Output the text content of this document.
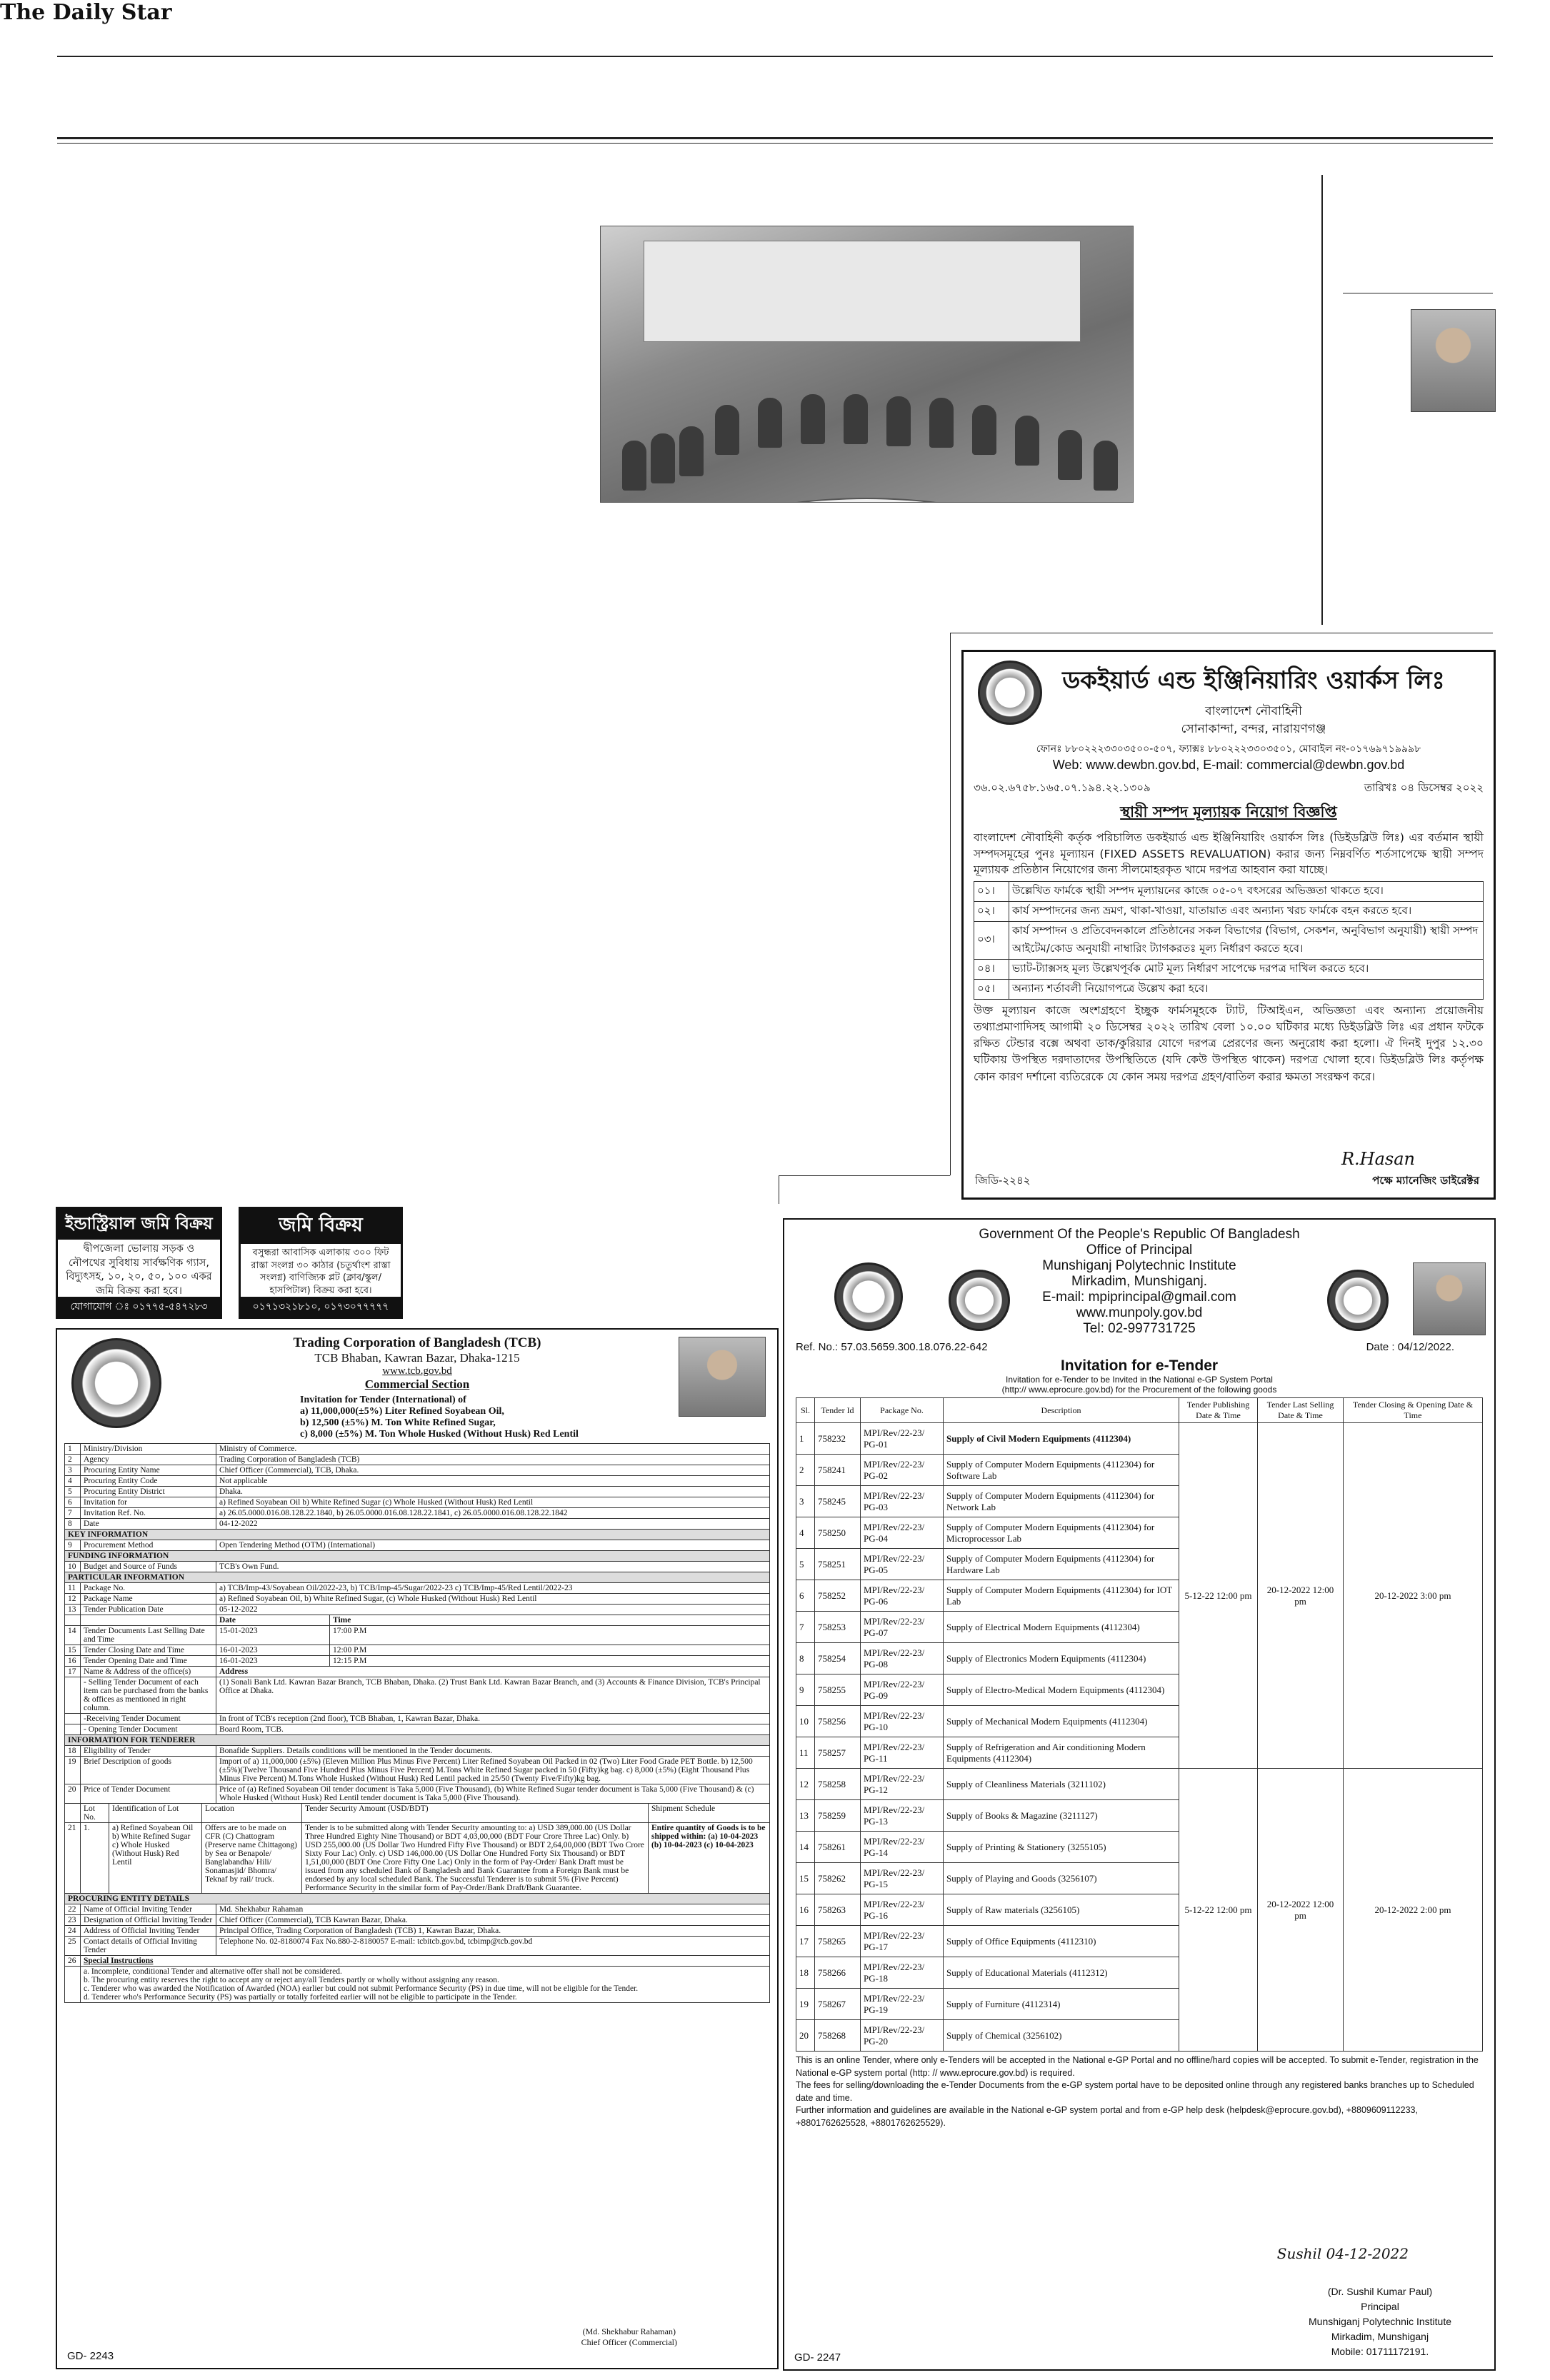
The Daily Star
ডকইয়ার্ড এন্ড ইঞ্জিনিয়ারিং ওয়ার্কস লিঃ
বাংলাদেশ নৌবাহিনী
সোনাকান্দা, বন্দর, নারায়ণগঞ্জ
ফোনঃ ৮৮০২২২৩৩০৩৫০০-৫০৭, ফ্যাক্সঃ ৮৮০২২২৩৩০৩৫০১, মোবাইল নং-০১৭৬৯৭১৯৯৯৮
Web: www.dewbn.gov.bd, E-mail: commercial@dewbn.gov.bd
৩৬.০২.৬৭৫৮.১৬৫.০৭.১৯৪.২২.১৩০৯	তারিখঃ ০৪ ডিসেম্বর ২০২২
স্থায়ী সম্পদ মূল্যায়ক নিয়োগ বিজ্ঞপ্তি
বাংলাদেশ নৌবাহিনী কর্তৃক পরিচালিত ডকইয়ার্ড এন্ড ইঞ্জিনিয়ারিং ওয়ার্কস লিঃ (ডিইডব্লিউ লিঃ) এর বর্তমান স্থায়ী সম্পদসমূহের পুনঃ মূল্যায়ন (FIXED ASSETS REVALUATION) করার জন্য নিম্নবর্ণিত শর্তসাপেক্ষে স্থায়ী সম্পদ মূল্যায়ক প্রতিষ্ঠান নিয়োগের জন্য সীলমোহরকৃত খামে দরপত্র আহবান করা যাচ্ছে।
০১।	উল্লেখিত ফার্মকে স্থায়ী সম্পদ মূল্যায়নের কাজে ০৫-০৭ বৎসরের অভিজ্ঞতা থাকতে হবে।
০২।	কার্য সম্পাদনের জন্য ভ্রমণ, থাকা-খাওয়া, যাতায়াত এবং অন্যান্য খরচ ফার্মকে বহন করতে হবে।
০৩।	কার্য সম্পাদন ও প্রতিবেদনকালে প্রতিষ্ঠানের সকল বিভাগের (বিভাগ, সেকশন, অনুবিভাগ অনুযায়ী) স্থায়ী সম্পদ আইটেম/কোড অনুযায়ী নাম্বারিং ট্যাগকরতঃ মূল্য নির্ধারণ করতে হবে।
০৪।	ভ্যাট-ট্যাক্সসহ মূল্য উল্লেখপূর্বক মোট মূল্য নির্ধারণ সাপেক্ষে দরপত্র দাখিল করতে হবে।
০৫।	অন্যান্য শর্তাবলী নিয়োগপত্রে উল্লেখ করা হবে।
উক্ত মূল্যায়ন কাজে অংশগ্রহণে ইচ্ছুক ফার্মসমূহকে ট্যাট, টিআইএন, অভিজ্ঞতা এবং অন্যান্য প্রয়োজনীয় তথ্যাপ্রমাণাদিসহ আগামী ২০ ডিসেম্বর ২০২২ তারিখ বেলা ১০.০০ ঘটিকার মধ্যে ডিইডব্লিউ লিঃ এর প্রধান ফটকে রক্ষিত টেন্ডার বক্সে অথবা ডাক/কুরিয়ার যোগে দরপত্র প্রেরণের জন্য অনুরোধ করা হলো। ঐ দিনই দুপুর ১২.৩০ ঘটিকায় উপস্থিত দরদাতাদের উপস্থিতিতে (যদি কেউ উপস্থিত থাকেন) দরপত্র খোলা হবে। ডিইডব্লিউ লিঃ কর্তৃপক্ষ কোন কারণ দর্শানো ব্যতিরেকে যে কোন সময় দরপত্র গ্রহণ/বাতিল করার ক্ষমতা সংরক্ষণ করে।
R.Hasan
জিডি-২২৪২	পক্ষে ম্যানেজিং ডাইরেক্টর
ইন্ডাস্ট্রিয়াল জমি বিক্রয়
দ্বীপজেলা ভোলায় সড়ক ও নৌপথের সুবিধায় সার্বক্ষণিক গ্যাস, বিদ্যুৎসহ, ১০, ২০, ৫০, ১০০ একর জমি বিক্রয় করা হবে।
যোগাযোগ ঃ ০১৭৭৫-৫৪৭২৮৩
জমি বিক্রয়
বসুন্ধরা আবাসিক এলাকায় ৩০০ ফিট রাস্তা সংলগ্ন ৩০ কাঠার (চতুর্থাংশ রাস্তা সংলগ্ন) বাণিজ্যিক প্লট (ক্লাব/স্কুল/হাসপিটাল) বিক্রয় করা হবে।
০১৭১৩২১৮১০, ০১৭৩০৭৭৭৭৭
Trading Corporation of Bangladesh (TCB)
TCB Bhaban, Kawran Bazar, Dhaka-1215
www.tcb.gov.bd
Commercial Section
Invitation for Tender (International) of
a) 11,000,000(±5%) Liter Refined Soyabean Oil,
b) 12,500 (±5%) M. Ton White Refined Sugar,
c) 8,000 (±5%) M. Ton Whole Husked (Without Husk) Red Lentil
1	Ministry/Division	Ministry of Commerce.	
2	Agency	Trading Corporation of Bangladesh (TCB)	
3	Procuring Entity Name	Chief Officer (Commercial), TCB, Dhaka.	
4	Procuring Entity Code	Not applicable	
5	Procuring Entity District	Dhaka.	
6	Invitation for	a) Refined Soyabean Oil b) White Refined Sugar (c) Whole Husked (Without Husk) Red Lentil	
7	Invitation Ref. No.	a) 26.05.0000.016.08.128.22.1840, b) 26.05.0000.016.08.128.22.1841, c) 26.05.0000.016.08.128.22.1842	
8	Date	04-12-2022	
KEY INFORMATION			
9	Procurement Method	Open Tendering Method (OTM) (International)	
FUNDING INFORMATION			
10	Budget and Source of Funds	TCB's Own Fund.	
PARTICULAR INFORMATION			
11	Package No.	a) TCB/Imp-43/Soyabean Oil/2022-23, b) TCB/Imp-45/Sugar/2022-23 c) TCB/Imp-45/Red Lentil/2022-23	
12	Package Name	a) Refined Soyabean Oil, b) White Refined Sugar, (c) Whole Husked (Without Husk) Red Lentil	
13	Tender Publication Date	05-12-2022	
		Date	Time
14	Tender Documents Last Selling Date and Time	15-01-2023	17:00 P.M
15	Tender Closing Date and Time	16-01-2023	12:00 P.M
16	Tender Opening Date and Time	16-01-2023	12:15 P.M
17	Name & Address of the office(s)	Address	
	- Selling Tender Document of each item can be purchased from the banks & offices as mentioned in right column.	(1) Sonali Bank Ltd. Kawran Bazar Branch, TCB Bhaban, Dhaka. (2) Trust Bank Ltd. Kawran Bazar Branch, and (3) Accounts & Finance Division, TCB's Principal Office at Dhaka.	
	-Receiving Tender Document	In front of TCB's reception (2nd floor), TCB Bhaban, 1, Kawran Bazar, Dhaka.	
	- Opening Tender Document	Board Room, TCB.	
INFORMATION FOR TENDERER			
18	Eligibility of Tender	Bonafide Suppliers. Details conditions will be mentioned in the Tender documents.	
19	Brief Description of goods	Import of a) 11,000,000 (±5%) (Eleven Million Plus Minus Five Percent) Liter Refined Soyabean Oil Packed in 02 (Two) Liter Food Grade PET Bottle. b) 12,500 (±5%)(Twelve Thousand Five Hundred Plus Minus Five Percent) M.Tons White Refined Sugar packed in 50 (Fifty)kg bag. c) 8,000 (±5%) (Eight Thousand Plus Minus Five Percent) M.Tons Whole Husked (Without Husk) Red Lentil packed in 25/50 (Twenty Five/Fifty)kg bag.	
20	Price of Tender Document	Price of (a) Refined Soyabean Oil tender document is Taka 5,000 (Five Thousand), (b) White Refined Sugar tender document is Taka 5,000 (Five Thousand) & (c) Whole Husked (Without Husk) Red Lentil tender document is Taka 5,000 (Five Thousand).	
	Lot No.	Identification of Lot	Location	Tender Security Amount (USD/BDT)	Shipment Schedule
21	1.	a) Refined Soyabean Oil b) White Refined Sugar c) Whole Husked (Without Husk) Red Lentil	Offers are to be made on CFR (C) Chattogram (Preserve name Chittagong) by Sea or Benapole/ Banglabandha/ Hili/ Sonamasjid/ Bhomra/ Teknaf by rail/ truck.	Tender is to be submitted along with Tender Security amounting to: a) USD 389,000.00 (US Dollar Three Hundred Eighty Nine Thousand) or BDT 4,03,00,000 (BDT Four Crore Three Lac) Only. b) USD 255,000.00 (US Dollar Two Hundred Fifty Five Thousand) or BDT 2,64,00,000 (BDT Two Crore Sixty Four Lac) Only. c) USD 146,000.00 (US Dollar One Hundred Forty Six Thousand) or BDT 1,51,00,000 (BDT One Crore Fifty One Lac) Only in the form of Pay-Order/ Bank Draft must be issued from any scheduled Bank of Bangladesh and Bank Guarantee from a Foreign Bank must be endorsed by any local scheduled Bank. The Successful Tenderer is to submit 5% (Five Percent) Performance Security in the similar form of Pay-Order/Bank Draft/Bank Guarantee.	Entire quantity of Goods is to be shipped within: (a) 10-04-2023 (b) 10-04-2023 (c) 10-04-2023
PROCURING ENTITY DETAILS		
22	Name of Official Inviting Tender	Md. Shekhabur Rahaman
23	Designation of Official Inviting Tender	Chief Officer (Commercial), TCB Kawran Bazar, Dhaka.
24	Address of Official Inviting Tender	Principal Office, Trading Corporation of Bangladesh (TCB) 1, Kawran Bazar, Dhaka.
25	Contact details of Official Inviting Tender	Telephone No. 02-8180074 Fax No.880-2-8180057 E-mail: tcbitcb.gov.bd, tcbimp@tcb.gov.bd
26	Special Instructions	

	a. Incomplete, conditional Tender and alternative offer shall not be considered.
b. The procuring entity reserves the right to accept any or reject any/all Tenders partly or wholly without assigning any reason.
c. Tenderer who was awarded the Notification of Awarded (NOA) earlier but could not submit Performance Security (PS) in due time, will not be eligible for the Tender.
d. Tenderer who's Performance Security (PS) was partially or totally forfeited earlier will not be eligible to participate in the Tender.	
(Md. Shekhabur Rahaman)
Chief Officer (Commercial)
GD- 2243
Government Of the People's Republic Of Bangladesh
Office of Principal
Munshiganj Polytechnic Institute
Mirkadim, Munshiganj.
E-mail: mpiprincipal@gmail.com
www.munpoly.gov.bd
Tel: 02-997731725
Ref. No.: 57.03.5659.300.18.076.22-642	Date : 04/12/2022.
Invitation for e-Tender
Invitation for e-Tender to be Invited in the National e-GP System Portal
(http:// www.eprocure.gov.bd) for the Procurement of the following goods
Sl.	Tender Id	Package No.	Description	Tender Publishing Date & Time	Tender Last Selling Date & Time	Tender Closing & Opening Date & Time
1	758232	MPI/Rev/22-23/ PG-01	Supply of Civil Modern Equipments (4112304)	5-12-22 12:00 pm	20-12-2022 12:00 pm	20-12-2022 3:00 pm
2	758241	MPI/Rev/22-23/ PG-02	Supply of Computer Modern Equipments (4112304) for Software Lab			
3	758245	MPI/Rev/22-23/ PG-03	Supply of Computer Modern Equipments (4112304) for Network Lab			
4	758250	MPI/Rev/22-23/ PG-04	Supply of Computer Modern Equipments (4112304) for Microprocessor Lab			
5	758251	MPI/Rev/22-23/ PG-05	Supply of Computer Modern Equipments (4112304) for Hardware Lab			
6	758252	MPI/Rev/22-23/ PG-06	Supply of Computer Modern Equipments (4112304) for IOT Lab			
7	758253	MPI/Rev/22-23/ PG-07	Supply of Electrical Modern Equipments (4112304)			
8	758254	MPI/Rev/22-23/ PG-08	Supply of Electronics Modern Equipments (4112304)			
9	758255	MPI/Rev/22-23/ PG-09	Supply of Electro-Medical Modern Equipments (4112304)			
10	758256	MPI/Rev/22-23/ PG-10	Supply of Mechanical Modern Equipments (4112304)			
11	758257	MPI/Rev/22-23/ PG-11	Supply of Refrigeration and Air conditioning Modern Equipments (4112304)			
12	758258	MPI/Rev/22-23/ PG-12	Supply of Cleanliness Materials (3211102)	5-12-22 12:00 pm	20-12-2022 12:00 pm	20-12-2022 2:00 pm
13	758259	MPI/Rev/22-23/ PG-13	Supply of Books & Magazine (3211127)			
14	758261	MPI/Rev/22-23/ PG-14	Supply of Printing & Stationery (3255105)			
15	758262	MPI/Rev/22-23/ PG-15	Supply of Playing and Goods (3256107)			
16	758263	MPI/Rev/22-23/ PG-16	Supply of Raw materials (3256105)			
17	758265	MPI/Rev/22-23/ PG-17	Supply of Office Equipments (4112310)			
18	758266	MPI/Rev/22-23/ PG-18	Supply of Educational Materials (4112312)			
19	758267	MPI/Rev/22-23/ PG-19	Supply of Furniture (4112314)			
20	758268	MPI/Rev/22-23/ PG-20	Supply of Chemical (3256102)			
This is an online Tender, where only e-Tenders will be accepted in the National e-GP Portal and no offline/hard copies will be accepted. To submit e-Tender, registration in the National e-GP system portal (http: // www.eprocure.gov.bd) is required.
The fees for selling/downloading the e-Tender Documents from the e-GP system portal have to be deposited online through any registered banks branches up to Scheduled date and time.
Further information and guidelines are available in the National e-GP system portal and from e-GP help desk (helpdesk@eprocure.gov.bd), +8809609112233, +8801762625528, +8801762625529).
Sushil 04-12-2022
(Dr. Sushil Kumar Paul)
Principal
Munshiganj Polytechnic Institute
Mirkadim, Munshiganj
Mobile: 01711172191.
GD- 2247
